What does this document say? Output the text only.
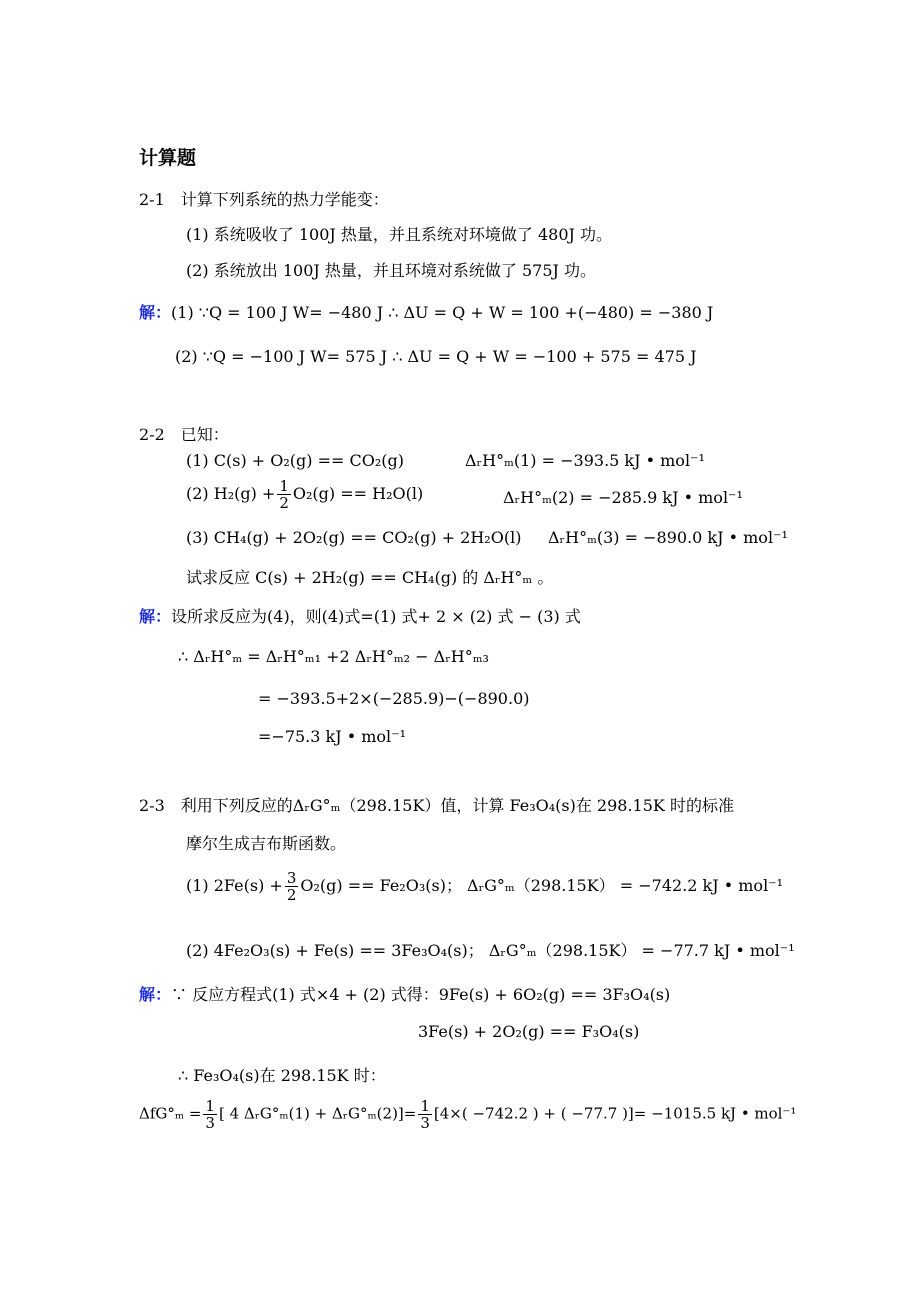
计算题
2-1　计算下列系统的热力学能变：
(1) 系统吸收了 100J 热量，并且系统对环境做了 480J 功。
(2) 系统放出 100J 热量，并且环境对系统做了 575J 功。
解：(1) ∵Q = 100 J W= −480 J ∴ ΔU = Q + W = 100 +(−480) = −380 J
(2) ∵Q = −100 J W= 575 J ∴ ΔU = Q + W = −100 + 575 = 475 J
2-2　已知：
(1) C(s) + O₂(g) == CO₂(g)	ΔᵣH°ₘ(1) = −393.5 kJ • mol⁻¹
(2) $H_2(g) + \frac{1}{2} O_2(g) == H_2O(l)$	ΔᵣH°ₘ(2) = −285.9 kJ • mol⁻¹
(3) CH₄(g) + 2O₂(g) == CO₂(g) + 2H₂O(l) ΔᵣH°ₘ(3) = −890.0 kJ • mol⁻¹
试求反应 C(s) + 2H₂(g) == CH₄(g) 的 ΔᵣH°ₘ 。
解：设所求反应为(4)，则(4)式=(1) 式+ 2 × (2) 式 − (3) 式
∴ ΔᵣH°ₘ = ΔᵣH°ₘ₁ +2 ΔᵣH°ₘ₂ − ΔᵣH°ₘ₃
= −393.5+2×(−285.9)−(−890.0)
=−75.3 kJ • mol⁻¹
2-3　利用下列反应的ΔᵣG°ₘ（298.15K）值，计算 Fe₃O₄(s)在 298.15K 时的标准
摩尔生成吉布斯函数。
(1) $2Fe(s) + \frac{3}{2} O_2(g) == Fe_2O_3(s)$； ΔᵣG°ₘ（298.15K） = −742.2 kJ • mol⁻¹
(2) 4Fe₂O₃(s) + Fe(s) == 3Fe₃O₄(s)； ΔᵣG°ₘ（298.15K） = −77.7 kJ • mol⁻¹
解：∵ 反应方程式(1) 式×4 + (2) 式得：9Fe(s) + 6O₂(g) == 3F₃O₄(s)
3Fe(s) + 2O₂(g) == F₃O₄(s)
∴ Fe₃O₄(s)在 298.15K 时：
$\Delta fG^\circ_m = \frac{1}{3}$ [ 4 ΔᵣG°ₘ(1) + ΔᵣG°ₘ(2)]= $\frac{1}{3} [4\times( -742.2$ ) + ( −77.7 )]= −1015.5 kJ • mol⁻¹
